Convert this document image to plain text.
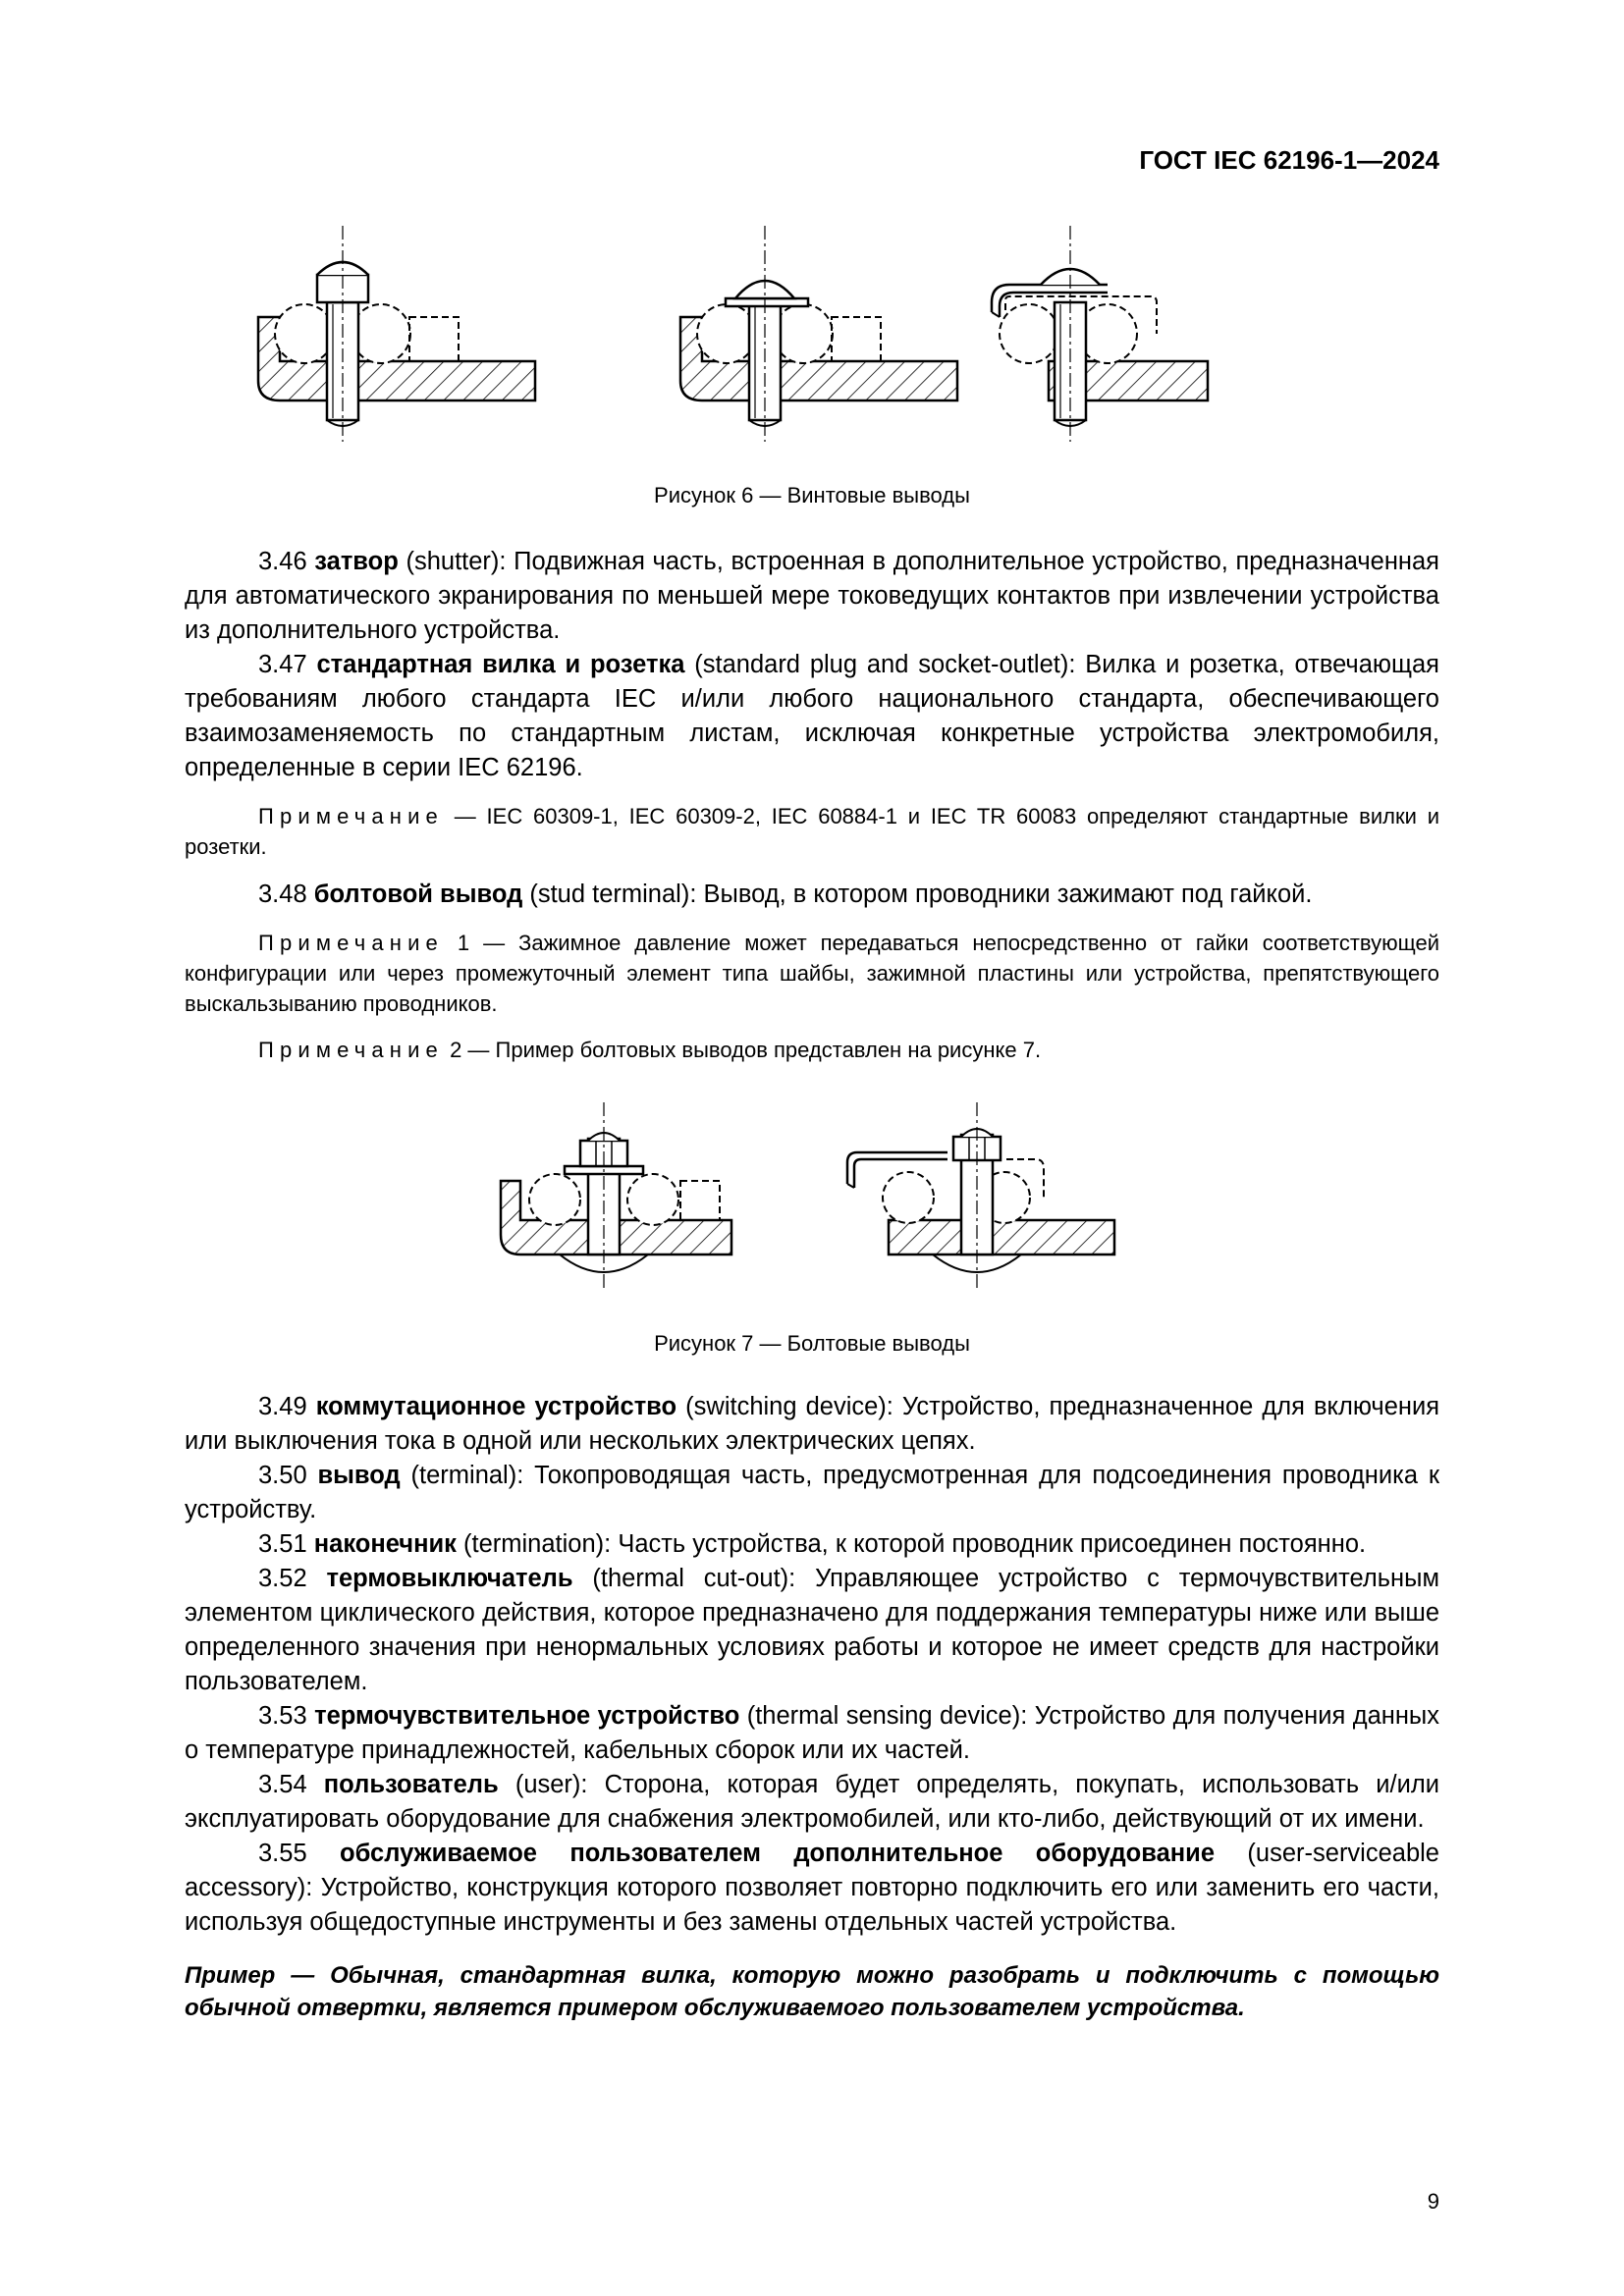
ГОСТ IEC 62196-1—2024
Рисунок 6 — Винтовые выводы

3.46 затвор (shutter): Подвижная часть, встроенная в дополнительное устройство, предназначенная для автоматического экранирования по меньшей мере токоведущих контактов при извлечении устройства из дополнительного устройства.

3.47 стандартная вилка и розетка (standard plug and socket-outlet): Вилка и розетка, отвечающая требованиям любого стандарта IEC и/или любого национального стандарта, обеспечивающего взаимозаменяемость по стандартным листам, исключая конкретные устройства электромобиля, определенные в серии IEC 62196.

Примечание — IEC 60309-1, IEC 60309-2, IEC 60884-1 и IEC TR 60083 определяют стандартные вилки и розетки.

3.48 болтовой вывод (stud terminal): Вывод, в котором проводники зажимают под гайкой.

Примечание 1 — Зажимное давление может передаваться непосредственно от гайки соответствующей конфигурации или через промежуточный элемент типа шайбы, зажимной пластины или устройства, препятствующего выскальзыванию проводников.

Примечание 2 — Пример болтовых выводов представлен на рисунке 7.

Рисунок 7 — Болтовые выводы

3.49 коммутационное устройство (switching device): Устройство, предназначенное для включения или выключения тока в одной или нескольких электрических цепях.

3.50 вывод (terminal): Токопроводящая часть, предусмотренная для подсоединения проводника к устройству.

3.51 наконечник (termination): Часть устройства, к которой проводник присоединен постоянно.

3.52 термовыключатель (thermal cut-out): Управляющее устройство с термочувствительным элементом циклического действия, которое предназначено для поддержания температуры ниже или выше определенного значения при ненормальных условиях работы и которое не имеет средств для настройки пользователем.

3.53 термочувствительное устройство (thermal sensing device): Устройство для получения данных о температуре принадлежностей, кабельных сборок или их частей.

3.54 пользователь (user): Сторона, которая будет определять, покупать, использовать и/или эксплуатировать оборудование для снабжения электромобилей, или кто-либо, действующий от их имени.

3.55 обслуживаемое пользователем дополнительное оборудование (user-serviceable accessory): Устройство, конструкция которого позволяет повторно подключить его или заменить его части, используя общедоступные инструменты и без замены отдельных частей устройства.

Пример — Обычная, стандартная вилка, которую можно разобрать и подключить с помощью обычной отвертки, является примером обслуживаемого пользователем устройства.

9
